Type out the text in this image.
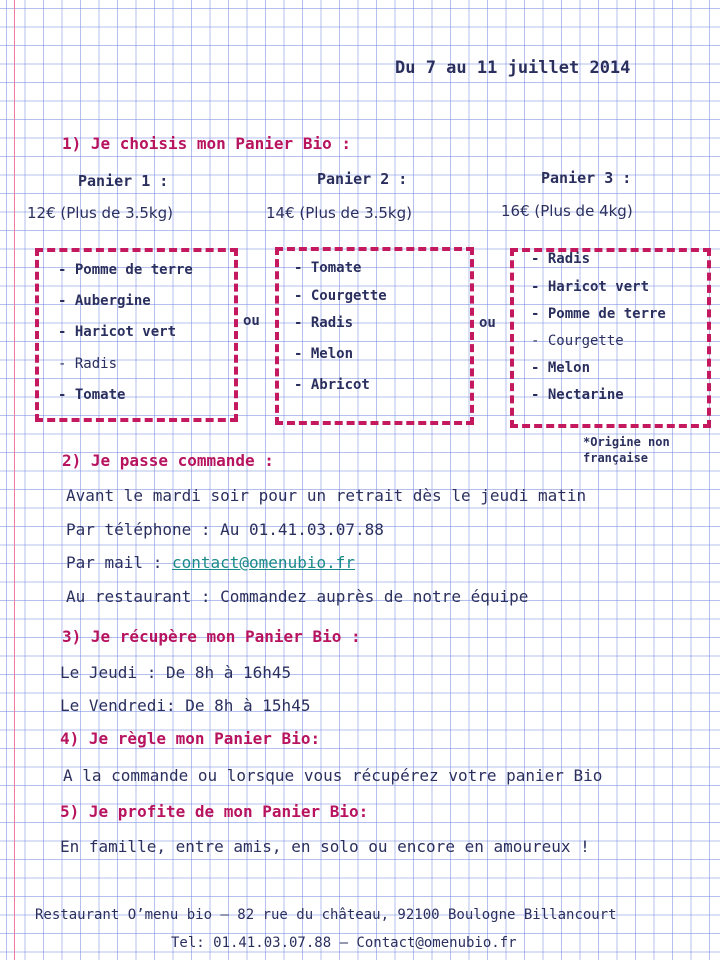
Du 7 au 11 juillet 2014
1) Je choisis mon Panier Bio :
Panier 1 :	Panier 2 :	Panier 3 :
12€ (Plus de 3.5kg)	14€ (Plus de 3.5kg)	16€ (Plus de 4kg)
- Pomme de terre
- Aubergine
- Haricot vert
- Radis
- Tomate
ou
- Tomate
- Courgette
- Radis
- Melon
- Abricot
ou
- Radis
- Haricot vert
- Pomme de terre
- Courgette
- Melon
- Nectarine
*Origine non
française
2) Je passe commande :
Avant le mardi soir pour un retrait dès le jeudi matin
Par téléphone : Au 01.41.03.07.88
Par mail : contact@omenubio.fr
Au restaurant : Commandez auprès de notre équipe
3) Je récupère mon Panier Bio :
Le Jeudi : De 8h à 16h45
Le Vendredi: De 8h à 15h45
4) Je règle mon Panier Bio:
A la commande ou lorsque vous récupérez votre panier Bio
5) Je profite de mon Panier Bio:
En famille, entre amis, en solo ou encore en amoureux !
Restaurant O’menu bio – 82 rue du château, 92100 Boulogne Billancourt
Tel: 01.41.03.07.88 – Contact@omenubio.fr
